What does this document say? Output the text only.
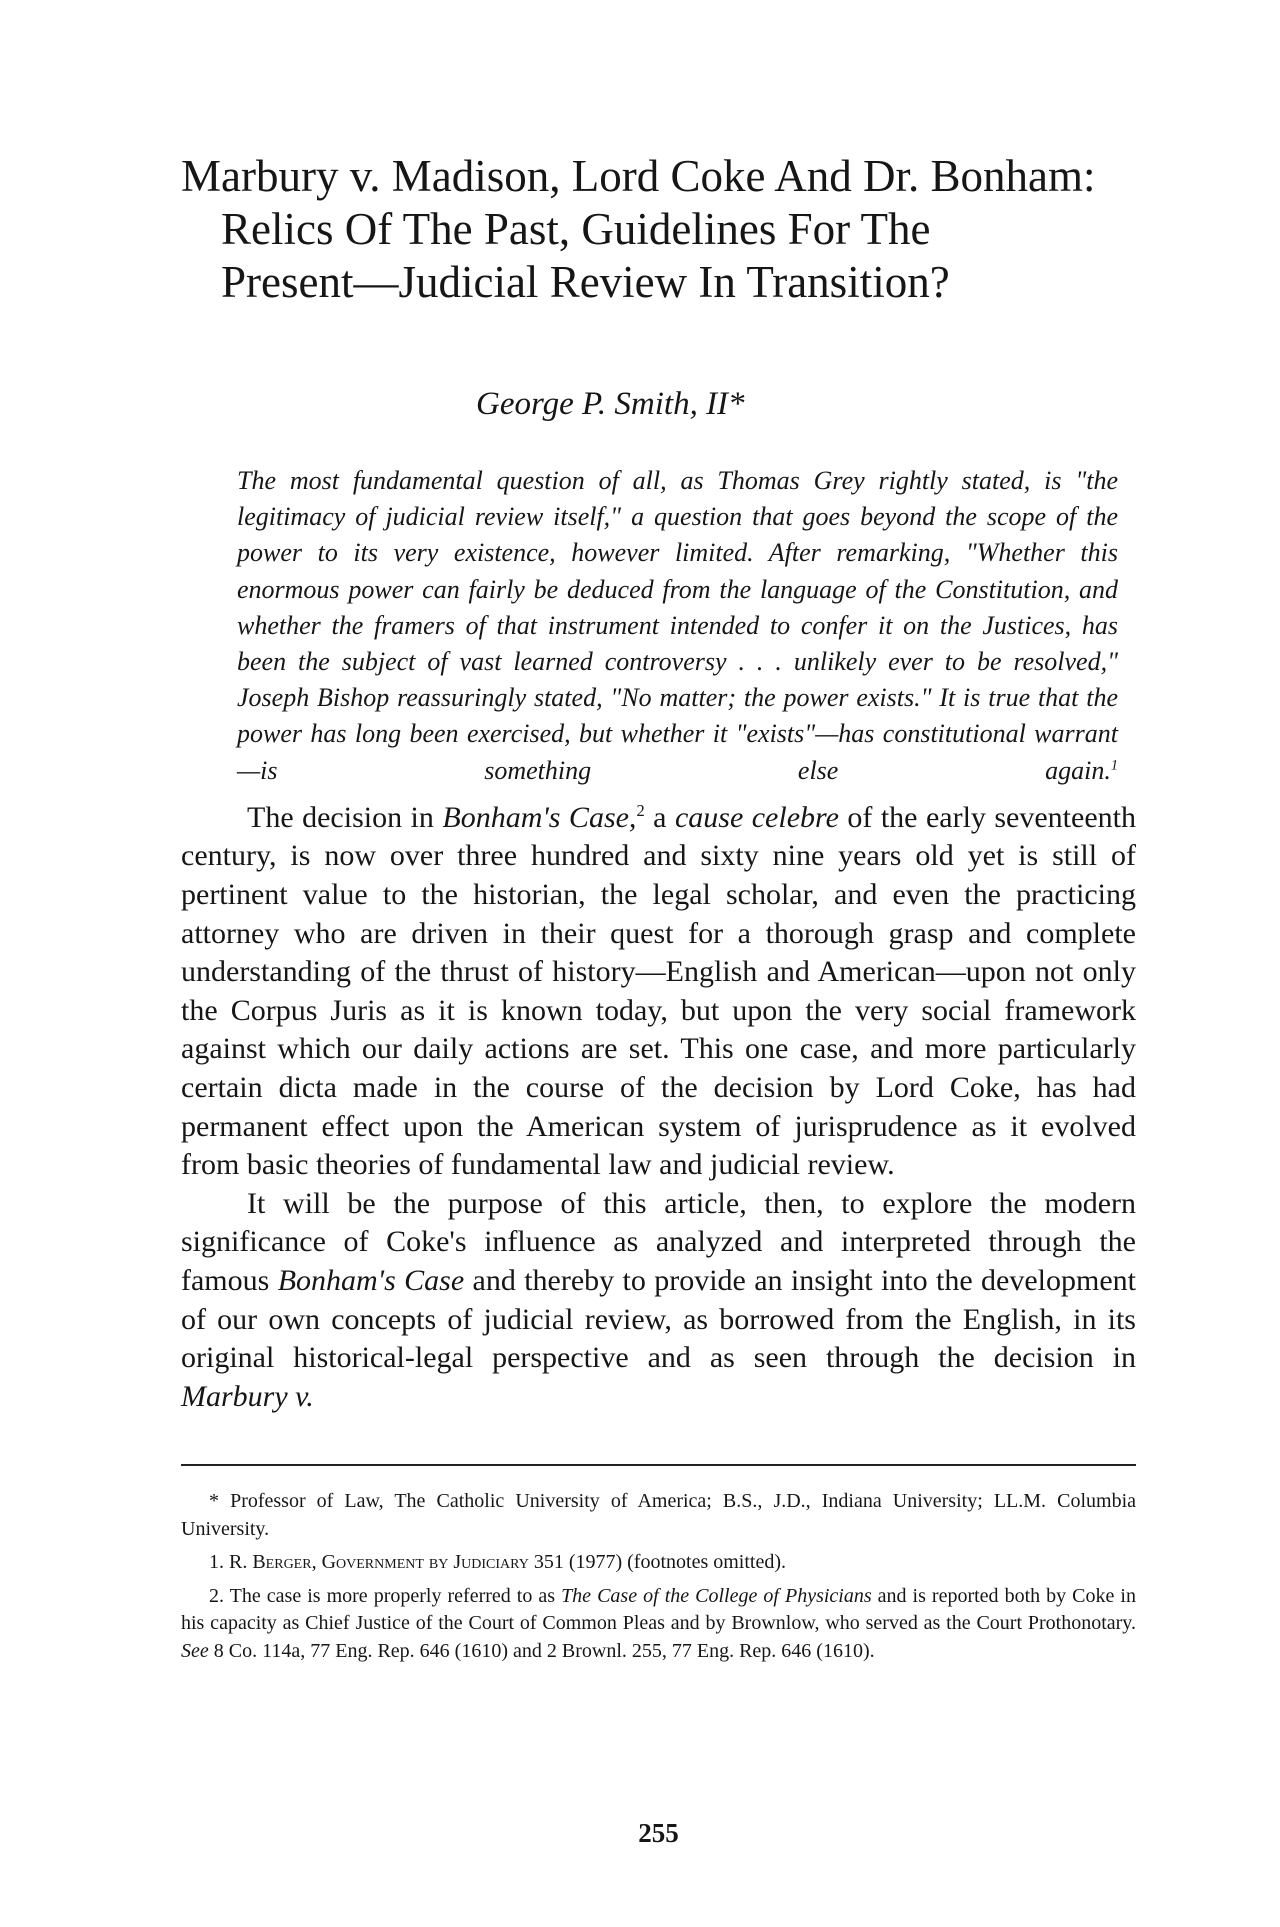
Marbury v. Madison, Lord Coke And Dr. Bonham:
Relics Of The Past, Guidelines For The
Present—Judicial Review In Transition?
George P. Smith, II*
The most fundamental question of all, as Thomas Grey rightly stated, is "the legitimacy of judicial review itself," a question that goes beyond the scope of the power to its very existence, however limited. After remarking, "Whether this enormous power can fairly be deduced from the language of the Constitution, and whether the framers of that instrument intended to confer it on the Justices, has been the subject of vast learned controversy . . . unlikely ever to be resolved," Joseph Bishop reassuringly stated, "No matter; the power exists." It is true that the power has long been exercised, but whether it "exists"—has constitutional warrant—is something else again.$^1$

The decision in Bonham's Case,$^2$ a cause celebre of the early seventeenth century, is now over three hundred and sixty nine years old yet is still of pertinent value to the historian, the legal scholar, and even the practicing attorney who are driven in their quest for a thorough grasp and complete understanding of the thrust of history—English and American—upon not only the Corpus Juris as it is known today, but upon the very social framework against which our daily actions are set. This one case, and more particularly certain dicta made in the course of the decision by Lord Coke, has had permanent effect upon the American system of jurisprudence as it evolved from basic theories of fundamental law and judicial review.

It will be the purpose of this article, then, to explore the modern significance of Coke's influence as analyzed and interpreted through the famous Bonham's Case and thereby to provide an insight into the development of our own concepts of judicial review, as borrowed from the English, in its original historical-legal perspective and as seen through the decision in Marbury v.

* Professor of Law, The Catholic University of America; B.S., J.D., Indiana University; LL.M. Columbia University.

1. R. Berger, Government by Judiciary 351 (1977) (footnotes omitted).

2. The case is more properly referred to as The Case of the College of Physicians and is reported both by Coke in his capacity as Chief Justice of the Court of Common Pleas and by Brownlow, who served as the Court Prothonotary. See 8 Co. 114a, 77 Eng. Rep. 646 (1610) and 2 Brownl. 255, 77 Eng. Rep. 646 (1610).

255
